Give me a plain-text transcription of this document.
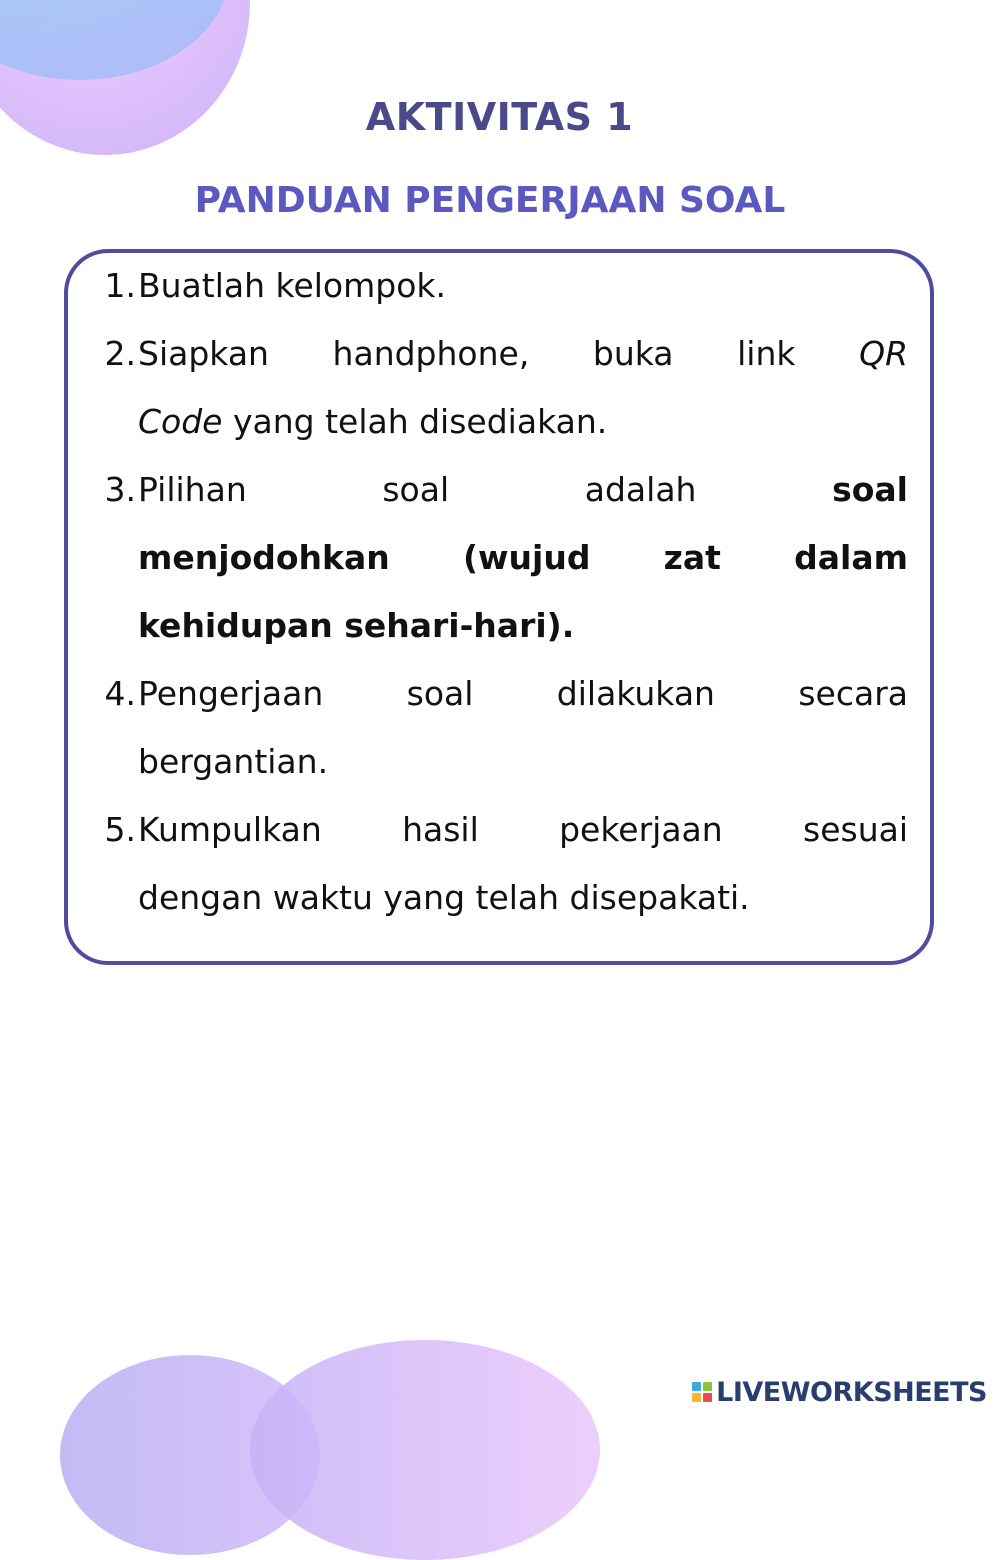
AKTIVITAS 1
PANDUAN PENGERJAAN SOAL
1. Buatlah kelompok.
2. Siapkan handphone, buka link QR
Code yang telah disediakan.
3. Pilihan soal adalah soal
menjodohkan (wujud zat dalam
kehidupan sehari-hari).
4. Pengerjaan soal dilakukan secara
bergantian.
5. Kumpulkan hasil pekerjaan sesuai
dengan waktu yang telah disepakati.
LIVEWORKSHEETS
